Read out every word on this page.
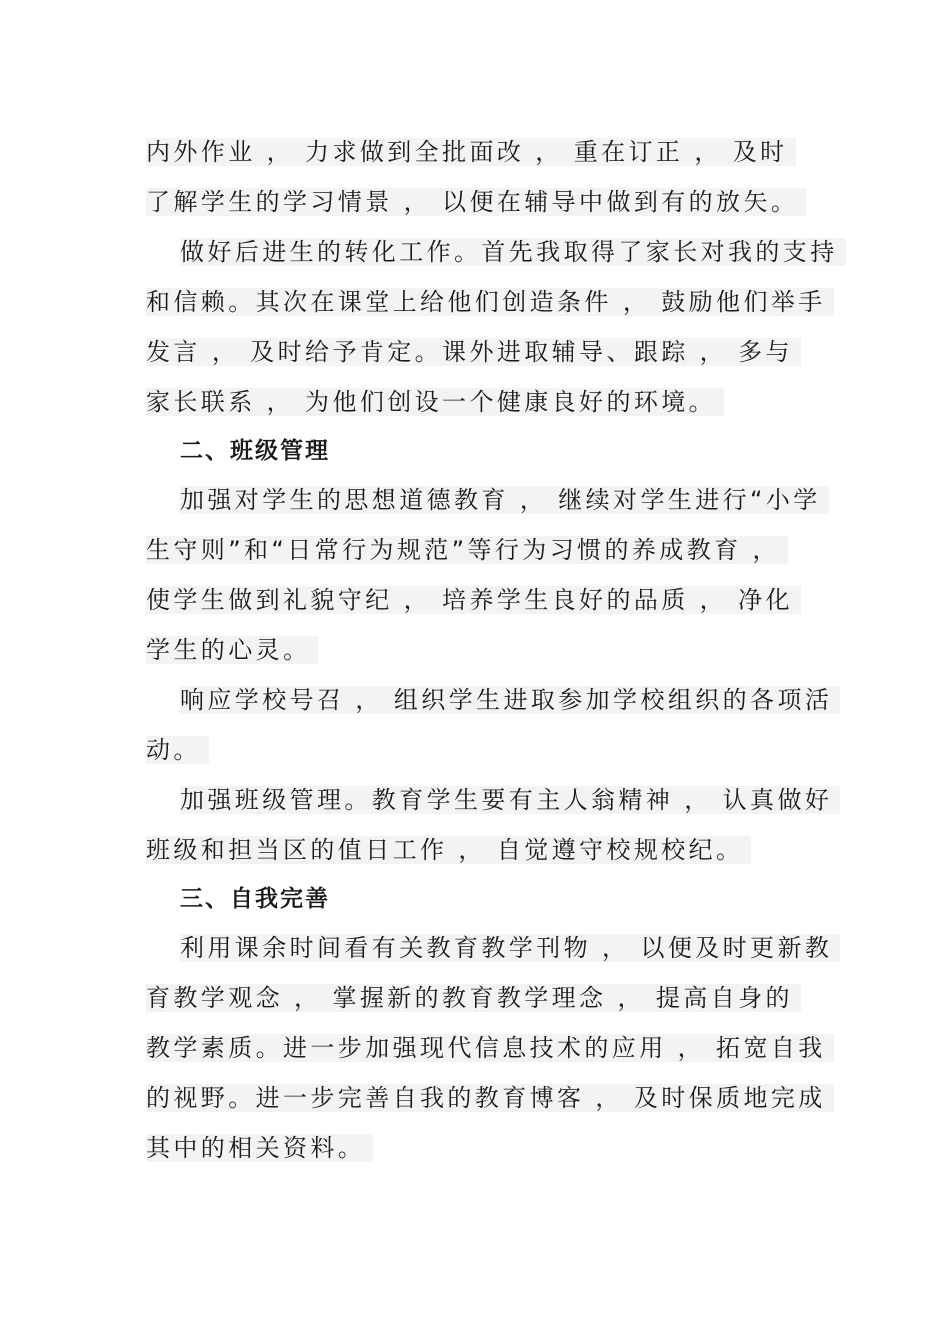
内外作业 ， 力求做到全批面改 ， 重在订正 ， 及时
了解学生的学习情景 ， 以便在辅导中做到有的放矢。
做好后进生的转化工作。首先我取得了家长对我的支持
和信赖。其次在课堂上给他们创造条件 ， 鼓励他们举手
发言 ， 及时给予肯定。课外进取辅导、跟踪 ， 多与
家长联系 ， 为他们创设一个健康良好的环境。
二、班级管理
加强对学生的思想道德教育 ， 继续对学生进行“小学
生守则”和“日常行为规范”等行为习惯的养成教育 ，
使学生做到礼貌守纪 ， 培养学生良好的品质 ， 净化
学生的心灵。
响应学校号召 ， 组织学生进取参加学校组织的各项活
动。
加强班级管理。教育学生要有主人翁精神 ， 认真做好
班级和担当区的值日工作 ， 自觉遵守校规校纪。
三、自我完善
利用课余时间看有关教育教学刊物 ， 以便及时更新教
育教学观念 ， 掌握新的教育教学理念 ， 提高自身的
教学素质。进一步加强现代信息技术的应用 ， 拓宽自我
的视野。进一步完善自我的教育博客 ， 及时保质地完成
其中的相关资料。
